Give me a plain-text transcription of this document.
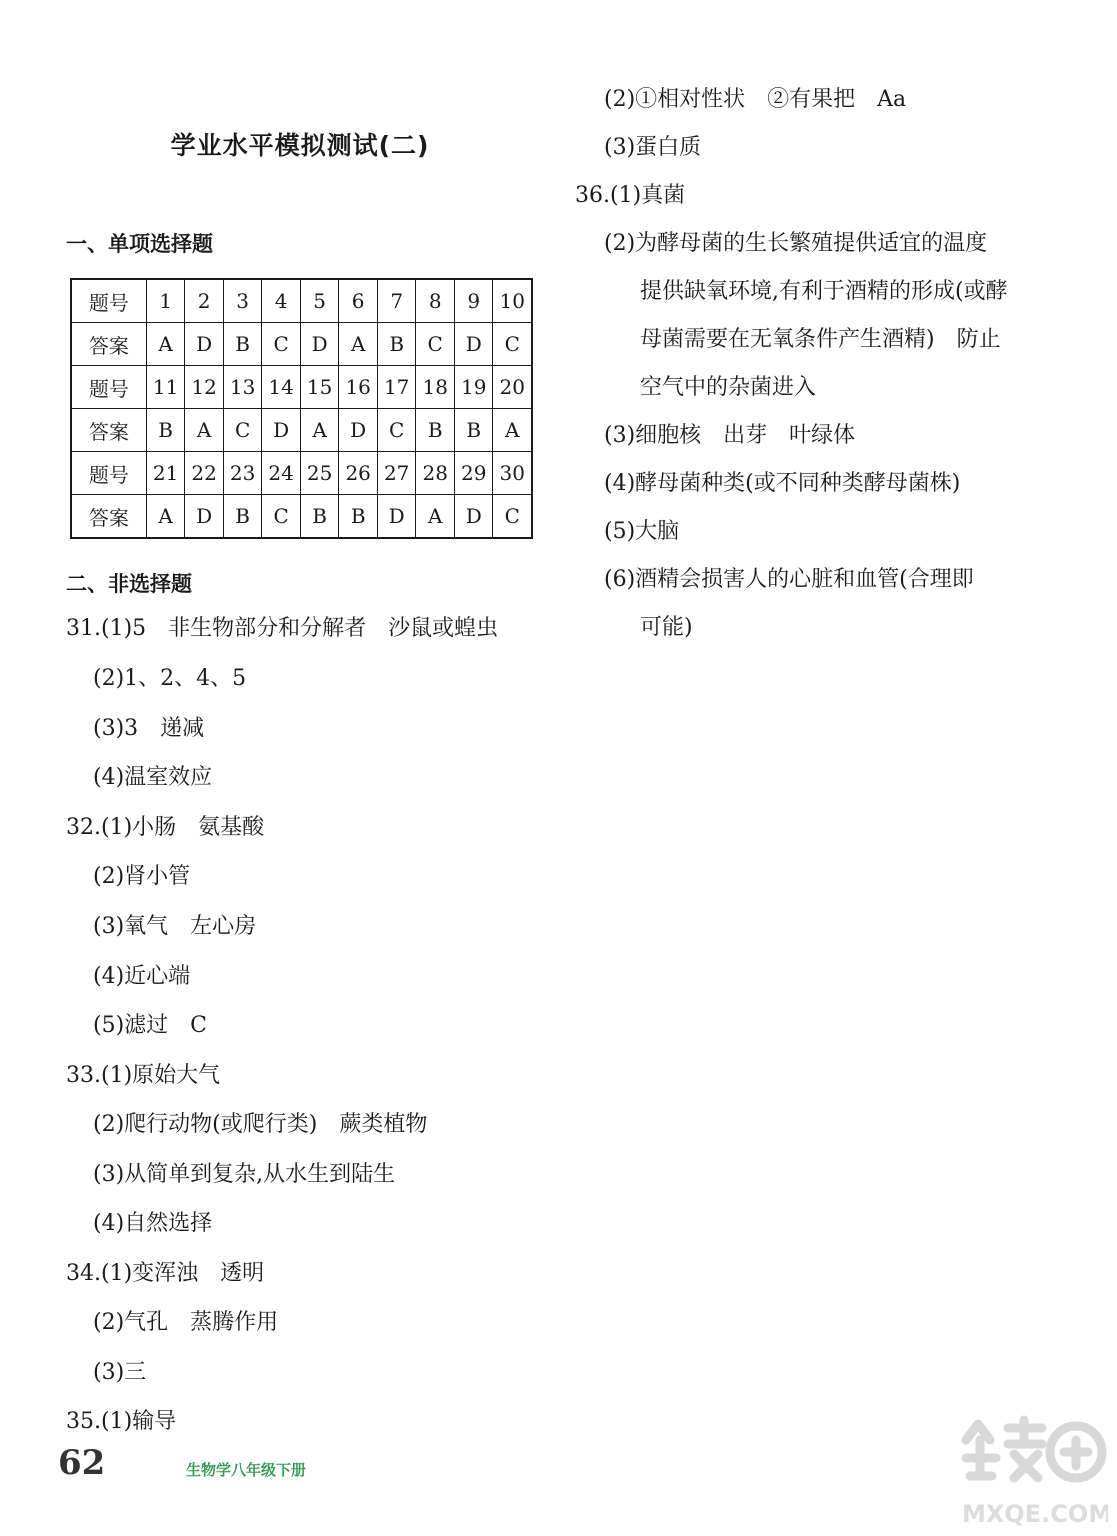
学业水平模拟测试(二)
一、单项选择题
题号	1	2	3	4	5	6	7	8	9	10
答案	A	D	B	C	D	A	B	C	D	C
题号	11	12	13	14	15	16	17	18	19	20
答案	B	A	C	D	A	D	C	B	B	A
题号	21	22	23	24	25	26	27	28	29	30
答案	A	D	B	C	B	B	D	A	D	C
二、非选择题
31.(1)5　非生物部分和分解者　沙鼠或蝗虫
(2)1、2、4、5
(3)3　递减
(4)温室效应
32.(1)小肠　氨基酸
(2)肾小管
(3)氧气　左心房
(4)近心端
(5)滤过　C
33.(1)原始大气
(2)爬行动物(或爬行类)　蕨类植物
(3)从简单到复杂,从水生到陆生
(4)自然选择
34.(1)变浑浊　透明
(2)气孔　蒸腾作用
(3)三
35.(1)输导
(2)①相对性状　②有果把　Aa
(3)蛋白质
36.(1)真菌
(2)为酵母菌的生长繁殖提供适宜的温度
提供缺氧环境,有利于酒精的形成(或酵
母菌需要在无氧条件产生酒精)　防止
空气中的杂菌进入
(3)细胞核　出芽　叶绿体
(4)酵母菌种类(或不同种类酵母菌株)
(5)大脑
(6)酒精会损害人的心脏和血管(合理即
可能)
62	生物学八年级下册
MXQE.COM
